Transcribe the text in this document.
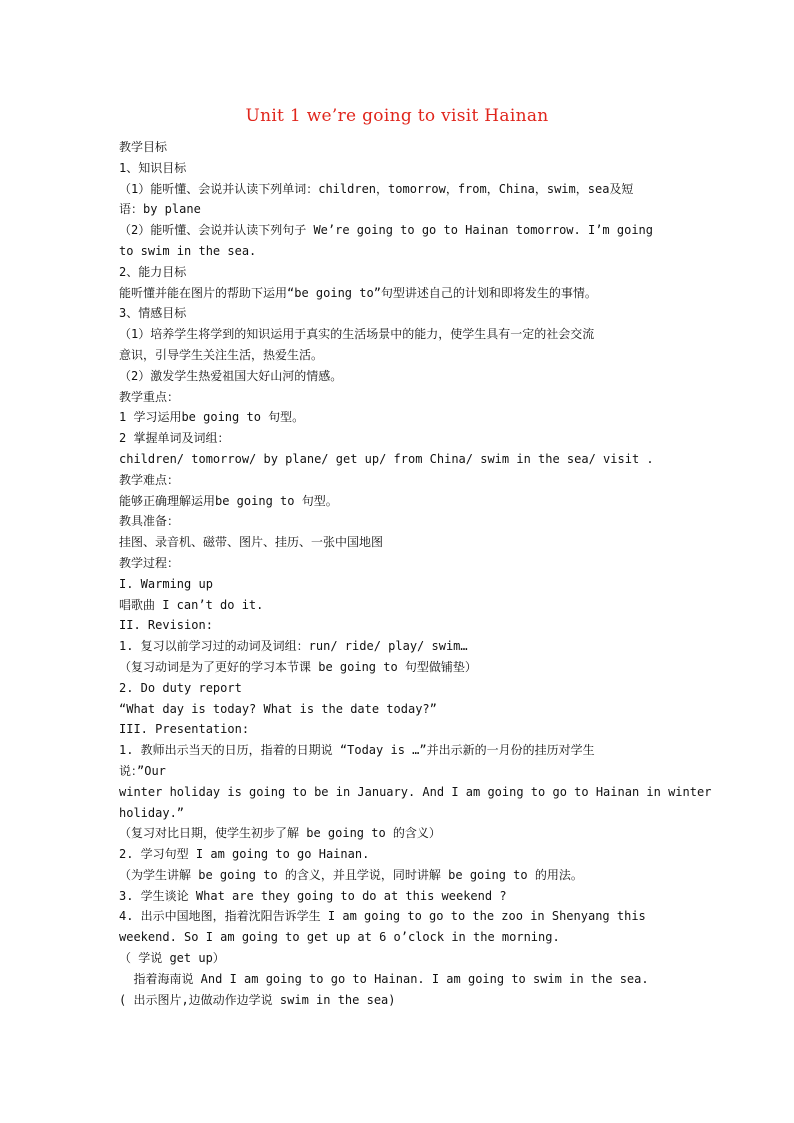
Unit 1 we’re going to visit Hainan
教学目标
1、知识目标
（1）能听懂、会说并认读下列单词：children，tomorrow，from，China，swim，sea及短
语：by plane
（2）能听懂、会说并认读下列句子 We’re going to go to Hainan tomorrow. I’m going
to swim in the sea.
2、能力目标
能听懂并能在图片的帮助下运用“be going to”句型讲述自己的计划和即将发生的事情。
3、情感目标
（1）培养学生将学到的知识运用于真实的生活场景中的能力，使学生具有一定的社会交流
意识，引导学生关注生活，热爱生活。
（2）激发学生热爱祖国大好山河的情感。
教学重点：
1 学习运用be going to 句型。
2 掌握单词及词组：
children/ tomorrow/ by plane/ get up/ from China/ swim in the sea/ visit .
教学难点：
能够正确理解运用be going to 句型。
教具准备：
挂图、录音机、磁带、图片、挂历、一张中国地图
教学过程：
I. Warming up
唱歌曲 I can’t do it.
II. Revision:
1. 复习以前学习过的动词及词组：run/ ride/ play/ swim…
（复习动词是为了更好的学习本节课 be going to 句型做铺垫）
2. Do duty report
“What day is today? What is the date today?”
III. Presentation:
1. 教师出示当天的日历，指着的日期说 “Today is …”并出示新的一月份的挂历对学生
说：”Our
winter holiday is going to be in January. And I am going to go to Hainan in winter
holiday.”
（复习对比日期，使学生初步了解 be going to 的含义）
2. 学习句型 I am going to go Hainan.
（为学生讲解 be going to 的含义，并且学说，同时讲解 be going to 的用法。
3. 学生谈论 What are they going to do at this weekend ?
4. 出示中国地图，指着沈阳告诉学生 I am going to go to the zoo in Shenyang this
weekend. So I am going to get up at 6 o’clock in the morning.
（ 学说 get up）
指着海南说 And I am going to go to Hainan. I am going to swim in the sea.
( 出示图片,边做动作边学说 swim in the sea)
